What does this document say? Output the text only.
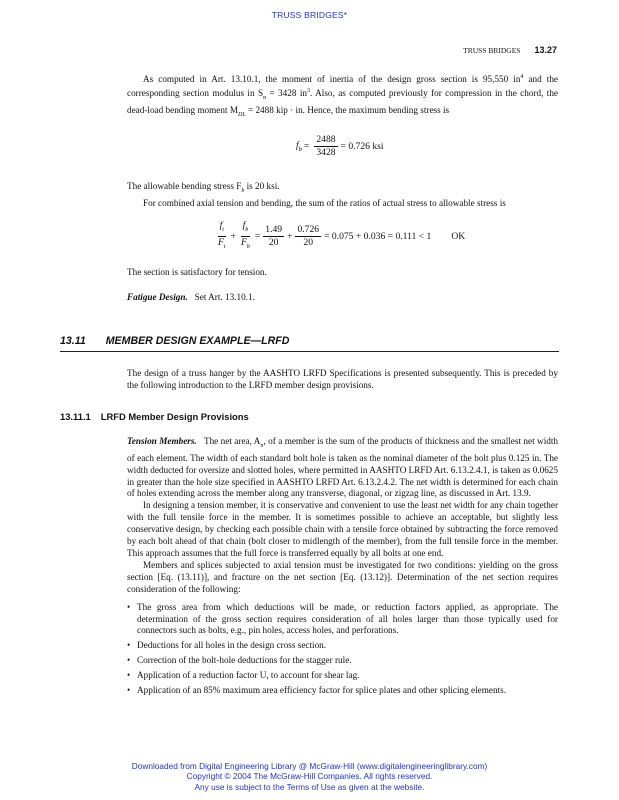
TRUSS BRIDGES*
TRUSS BRIDGES 13.27

As computed in Art. 13.10.1, the moment of inertia of the design gross section is 95,550 $in^4$ and the corresponding section modulus in $S_n = 3428$ $in^3$. Also, as computed previously for compression in the chord, the dead-load bending moment $M_{DL} = 2488$ kip · in. Hence, the maximum bending stress is

$f_b = \frac{2488}{3428} = 0.726$ ksi

The allowable bending stress $F_b$ is 20 ksi.

For combined axial tension and bending, the sum of the ratios of actual stress to allowable stress is

$\frac{f_t}{F_t} + \frac{f_b}{F_b} = \frac{1.49}{20} + \frac{0.726}{20} = 0.075 + 0.036 = 0.111 < 1$ OK

The section is satisfactory for tension.

Fatigue Design. Set Art. 13.10.1.

13.11 MEMBER DESIGN EXAMPLE—LRFD

The design of a truss hanger by the AASHTO LRFD Specifications is presented subsequently. This is preceded by the following introduction to the LRFD member design provisions.

13.11.1 LRFD Member Design Provisions

Tension Members. The net area, $A_n$, of a member is the sum of the products of thickness and the smallest net width of each element. The width of each standard bolt hole is taken as the nominal diameter of the bolt plus 0.125 in. The width deducted for oversize and slotted holes, where permitted in AASHTO LRFD Art. 6.13.2.4.1, is taken as 0.0625 in greater than the hole size specified in AASHTO LRFD Art. 6.13.2.4.2. The net width is determined for each chain of holes extending across the member along any transverse, diagonal, or zigzag line, as discussed in Art. 13.9.

In designing a tension member, it is conservative and convenient to use the least net width for any chain together with the full tensile force in the member. It is sometimes possible to achieve an acceptable, but slightly less conservative design, by checking each possible chain with a tensile force obtained by subtracting the force removed by each bolt ahead of that chain (bolt closer to midlength of the member), from the full tensile force in the member. This approach assumes that the full force is transferred equally by all bolts at one end.

Members and splices subjected to axial tension must be investigated for two conditions: yielding on the gross section [Eq. (13.11)], and fracture on the net section [Eq. (13.12)]. Determination of the net section requires consideration of the following:

• The gross area from which deductions will be made, or reduction factors applied, as appropriate. The determination of the gross section requires consideration of all holes larger than those typically used for connectors such as bolts, e.g., pin holes, access holes, and perforations.
• Deductions for all holes in the design cross section.
• Correction of the bolt-hole deductions for the stagger rule.
• Application of a reduction factor U, to account for shear lag.
• Application of an 85% maximum area efficiency factor for splice plates and other splicing elements.
Downloaded from Digital Engineering Library @ McGraw-Hill (www.digitalengineeringlibrary.com)
Copyright © 2004 The McGraw-Hill Companies. All rights reserved.
Any use is subject to the Terms of Use as given at the website.
